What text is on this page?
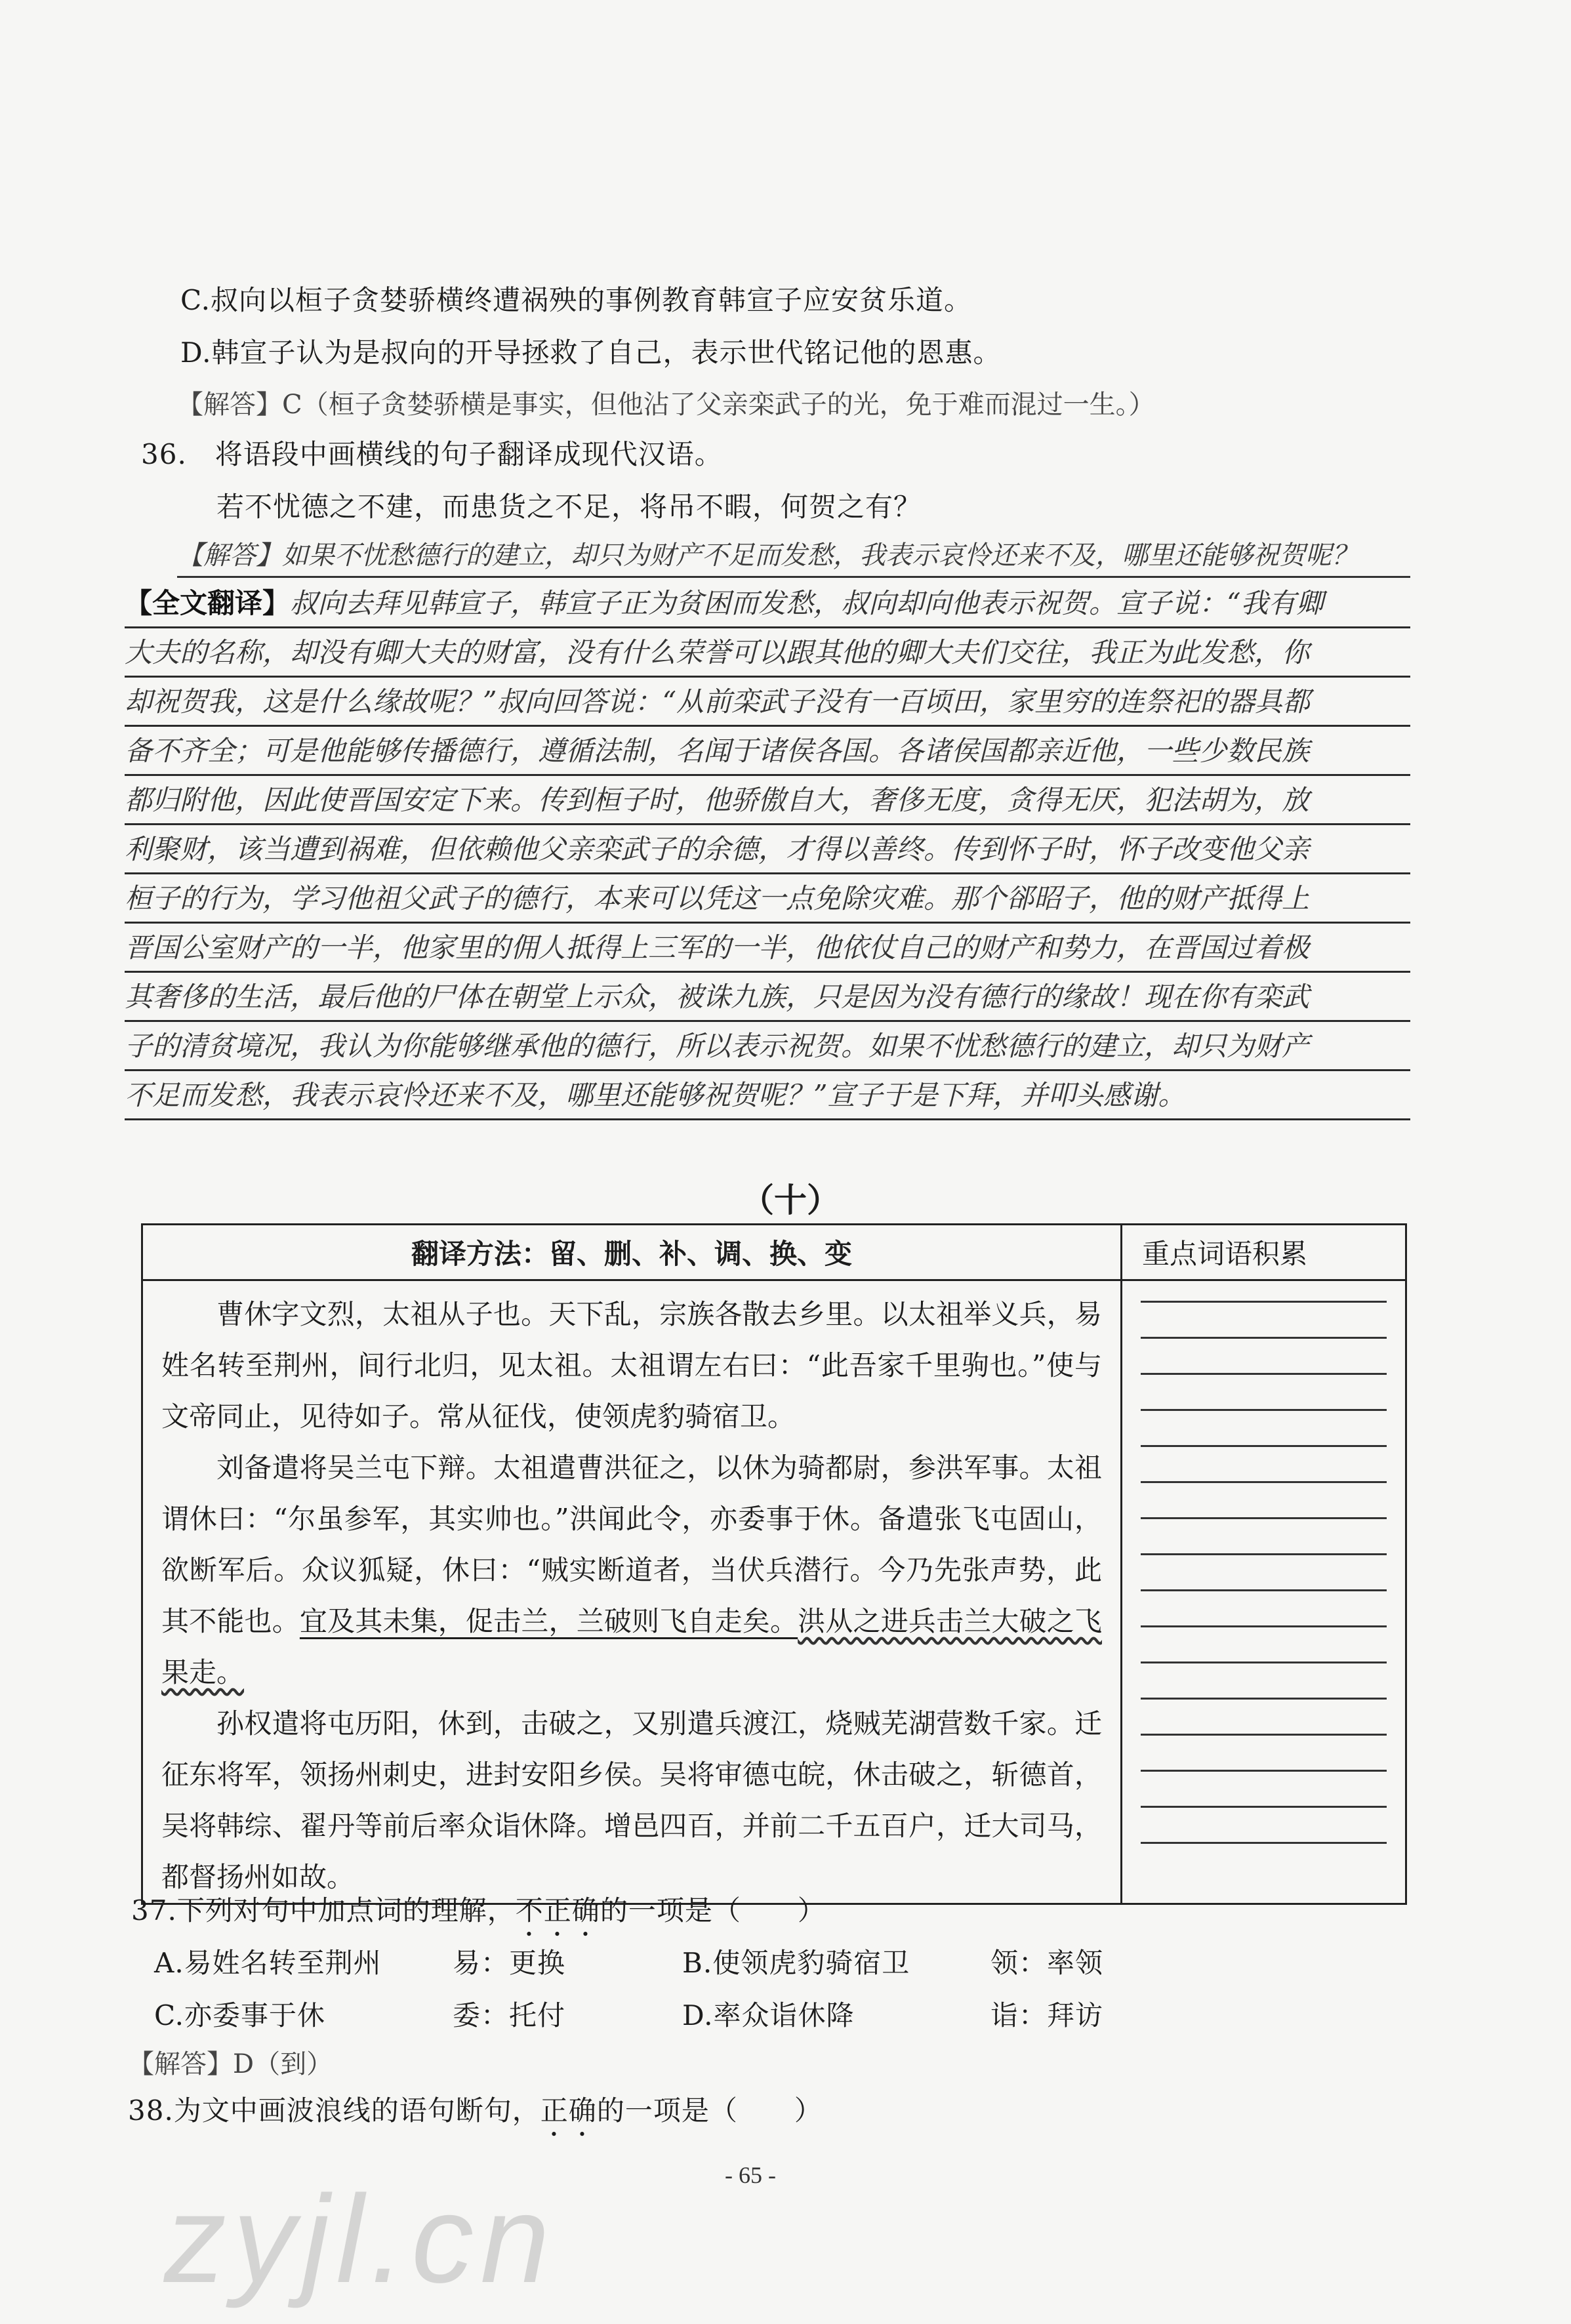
C.叔向以桓子贪婪骄横终遭祸殃的事例教育韩宣子应安贫乐道。
D.韩宣子认为是叔向的开导拯救了自己，表示世代铭记他的恩惠。
【解答】C（桓子贪婪骄横是事实，但他沾了父亲栾武子的光，免于难而混过一生。）
36.　将语段中画横线的句子翻译成现代汉语。
若不忧德之不建，而患货之不足，将吊不暇，何贺之有？
【解答】如果不忧愁德行的建立，却只为财产不足而发愁，我表示哀怜还来不及，哪里还能够祝贺呢？
【全文翻译】叔向去拜见韩宣子，韩宣子正为贫困而发愁，叔向却向他表示祝贺。宣子说：“我有卿
大夫的名称，却没有卿大夫的财富，没有什么荣誉可以跟其他的卿大夫们交往，我正为此发愁，你
却祝贺我，这是什么缘故呢？”叔向回答说：“从前栾武子没有一百顷田，家里穷的连祭祀的器具都
备不齐全；可是他能够传播德行，遵循法制，名闻于诸侯各国。各诸侯国都亲近他，一些少数民族
都归附他，因此使晋国安定下来。传到桓子时，他骄傲自大，奢侈无度，贪得无厌，犯法胡为，放
利聚财，该当遭到祸难，但依赖他父亲栾武子的余德，才得以善终。传到怀子时，怀子改变他父亲
桓子的行为，学习他祖父武子的德行，本来可以凭这一点免除灾难。那个郤昭子，他的财产抵得上
晋国公室财产的一半，他家里的佣人抵得上三军的一半，他依仗自己的财产和势力，在晋国过着极
其奢侈的生活，最后他的尸体在朝堂上示众，被诛九族，只是因为没有德行的缘故！现在你有栾武
子的清贫境况，我认为你能够继承他的德行，所以表示祝贺。如果不忧愁德行的建立，却只为财产
不足而发愁，我表示哀怜还来不及，哪里还能够祝贺呢？”宣子于是下拜，并叩头感谢。
（十）
翻译方法：留、删、补、调、换、变	重点词语积累

曹休字文烈，太祖从子也。天下乱，宗族各散去乡里。以太祖举义兵，易姓名转至荆州，间行北归，见太祖。太祖谓左右曰：“此吾家千里驹也。”使与文帝同止，见待如子。常从征伐，使领虎豹骑宿卫。

刘备遣将吴兰屯下辩。太祖遣曹洪征之，以休为骑都尉，参洪军事。太祖谓休曰：“尔虽参军，其实帅也。”洪闻此令，亦委事于休。备遣张飞屯固山，欲断军后。众议狐疑，休曰：“贼实断道者，当伏兵潜行。今乃先张声势，此其不能也。宜及其未集，促击兰，兰破则飞自走矣。洪从之进兵击兰大破之飞果走。

孙权遣将屯历阳，休到，击破之，又别遣兵渡江，烧贼芜湖营数千家。迁征东将军，领扬州刺史，进封安阳乡侯。吴将审德屯皖，休击破之，斩德首，吴将韩综、翟丹等前后率众诣休降。增邑四百，并前二千五百户，迁大司马，都督扬州如故。	

37.下列对句中加点词的理解，不正确的一项是（　　）
A.易姓名转至荆州	易：更换	B.使领虎豹骑宿卫	领：率领
C.亦委事于休	委：托付	D.率众诣休降	诣：拜访
【解答】D（到）
38.为文中画波浪线的语句断句，正确的一项是（　　）
- 65 -
zyjl.cn
